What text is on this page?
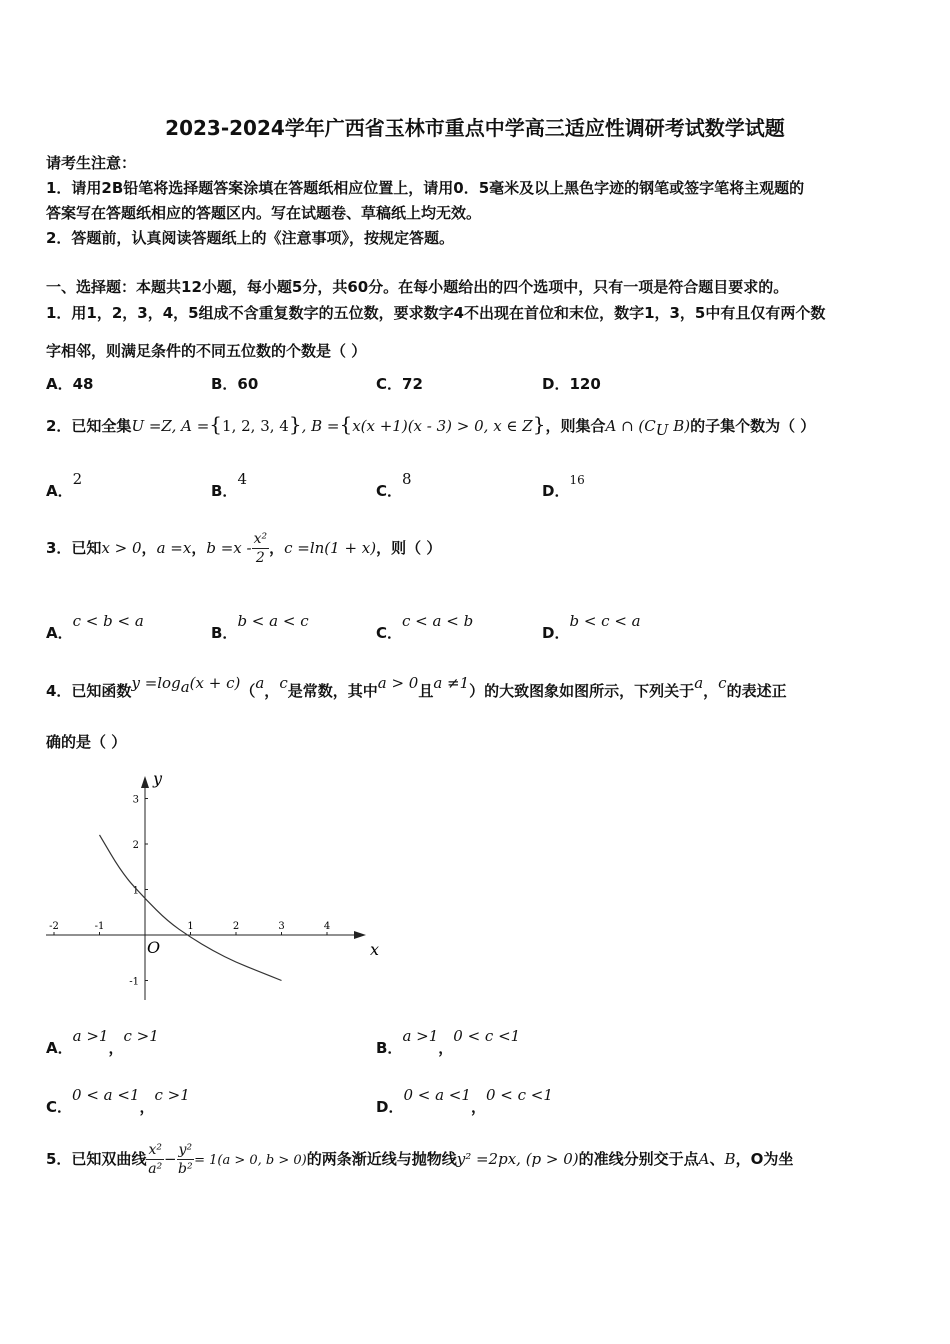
2023-2024学年广西省玉林市重点中学高三适应性调研考试数学试题
请考生注意：
1．请用2B铅笔将选择题答案涂填在答题纸相应位置上，请用0．5毫米及以上黑色字迹的钢笔或签字笔将主观题的
答案写在答题纸相应的答题区内。写在试题卷、草稿纸上均无效。
2．答题前，认真阅读答题纸上的《注意事项》，按规定答题。
一、选择题：本题共12小题，每小题5分，共60分。在每小题给出的四个选项中，只有一项是符合题目要求的。
1．用1，2，3，4，5组成不含重复数字的五位数，要求数字4不出现在首位和末位，数字1，3，5中有且仅有两个数
字相邻，则满足条件的不同五位数的个数是（ ）
A．48	B．60	C．72	D．120
2．已知全集U =Z, A ={1, 2, 3, 4}, B ={x(x +1)(x - 3) > 0, x ∈ Z}，则集合A ∩ ($C_U$ B)的子集个数为（ ）
A．2
B．4
C．8
D．16
3．已知x > 0，a =x，$b =x - \frac{\text{x²}}{2}$ ，c =ln(1 + x)，则（ ）
A．c < b < a
B．b < a < c
C．c < a < b
D．b < c < a
4．已知函数$y =\log_a(x + c)(a$，c是常数，其中a > 0且a ≠1）的大致图象如图所示，下列关于a，c的表述正
确的是（ ）
x
y
O
-2	-1	1	2	3	4
3
2
1
-1
A．a >1，c >1
B．a >1，0 < c <1
C．0 < a <1，c >1
D．0 < a <1，0 < c <1
5．已知双曲线 $\frac{\text{x²}}{\text{a²}} - \frac{\text{y²}}{\text{b²}} = 1(a > 0$, b > 0)的两条渐近线与抛物线y² =2px, (p > 0)的准线分别交于点A、B，O为坐
